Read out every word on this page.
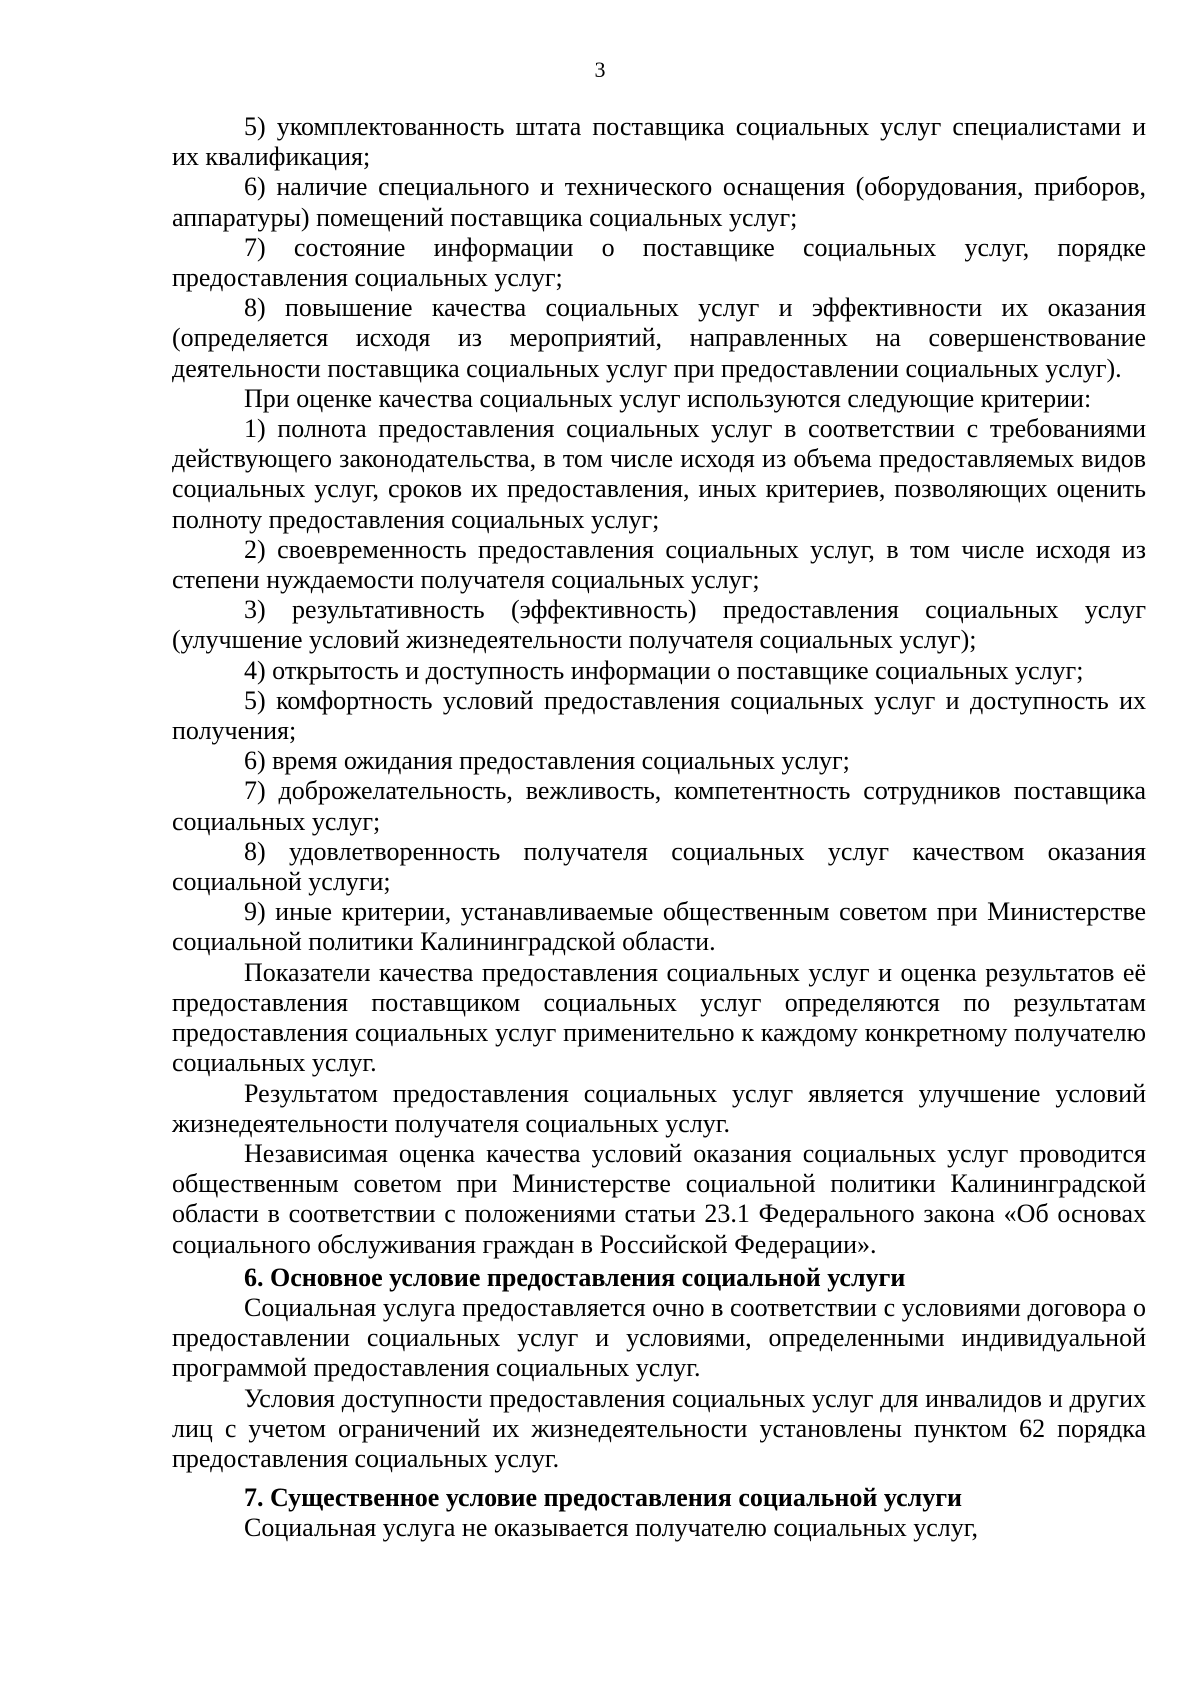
3

5) укомплектованность штата поставщика социальных услуг специалистами и их квалификация;

6) наличие специального и технического оснащения (оборудования, приборов, аппаратуры) помещений поставщика социальных услуг;

7) состояние информации о поставщике социальных услуг, порядке предоставления социальных услуг;

8) повышение качества социальных услуг и эффективности их оказания (определяется исходя из мероприятий, направленных на совершенствование деятельности поставщика социальных услуг при предоставлении социальных услуг).

При оценке качества социальных услуг используются следующие критерии:

1) полнота предоставления социальных услуг в соответствии с требованиями действующего законодательства, в том числе исходя из объема предоставляемых видов социальных услуг, сроков их предоставления, иных критериев, позволяющих оценить полноту предоставления социальных услуг;

2) своевременность предоставления социальных услуг, в том числе исходя из степени нуждаемости получателя социальных услуг;

3) результативность (эффективность) предоставления социальных услуг (улучшение условий жизнедеятельности получателя социальных услуг);

4) открытость и доступность информации о поставщике социальных услуг;

5) комфортность условий предоставления социальных услуг и доступность их получения;

6) время ожидания предоставления социальных услуг;

7) доброжелательность, вежливость, компетентность сотрудников поставщика социальных услуг;

8) удовлетворенность получателя социальных услуг качеством оказания социальной услуги;

9) иные критерии, устанавливаемые общественным советом при Министерстве социальной политики Калининградской области.

Показатели качества предоставления социальных услуг и оценка результатов её предоставления поставщиком социальных услуг определяются по результатам предоставления социальных услуг применительно к каждому конкретному получателю социальных услуг.

Результатом предоставления социальных услуг является улучшение условий жизнедеятельности получателя социальных услуг.

Независимая оценка качества условий оказания социальных услуг проводится общественным советом при Министерстве социальной политики Калининградской области в соответствии с положениями статьи 23.1 Федерального закона «Об основах социального обслуживания граждан в Российской Федерации».

6. Основное условие предоставления социальной услуги

Социальная услуга предоставляется очно в соответствии с условиями договора о предоставлении социальных услуг и условиями, определенными индивидуальной программой предоставления социальных услуг.

Условия доступности предоставления социальных услуг для инвалидов и других лиц с учетом ограничений их жизнедеятельности установлены пунктом 62 порядка предоставления социальных услуг.

7. Существенное условие предоставления социальной услуги

Социальная услуга не оказывается получателю социальных услуг,
